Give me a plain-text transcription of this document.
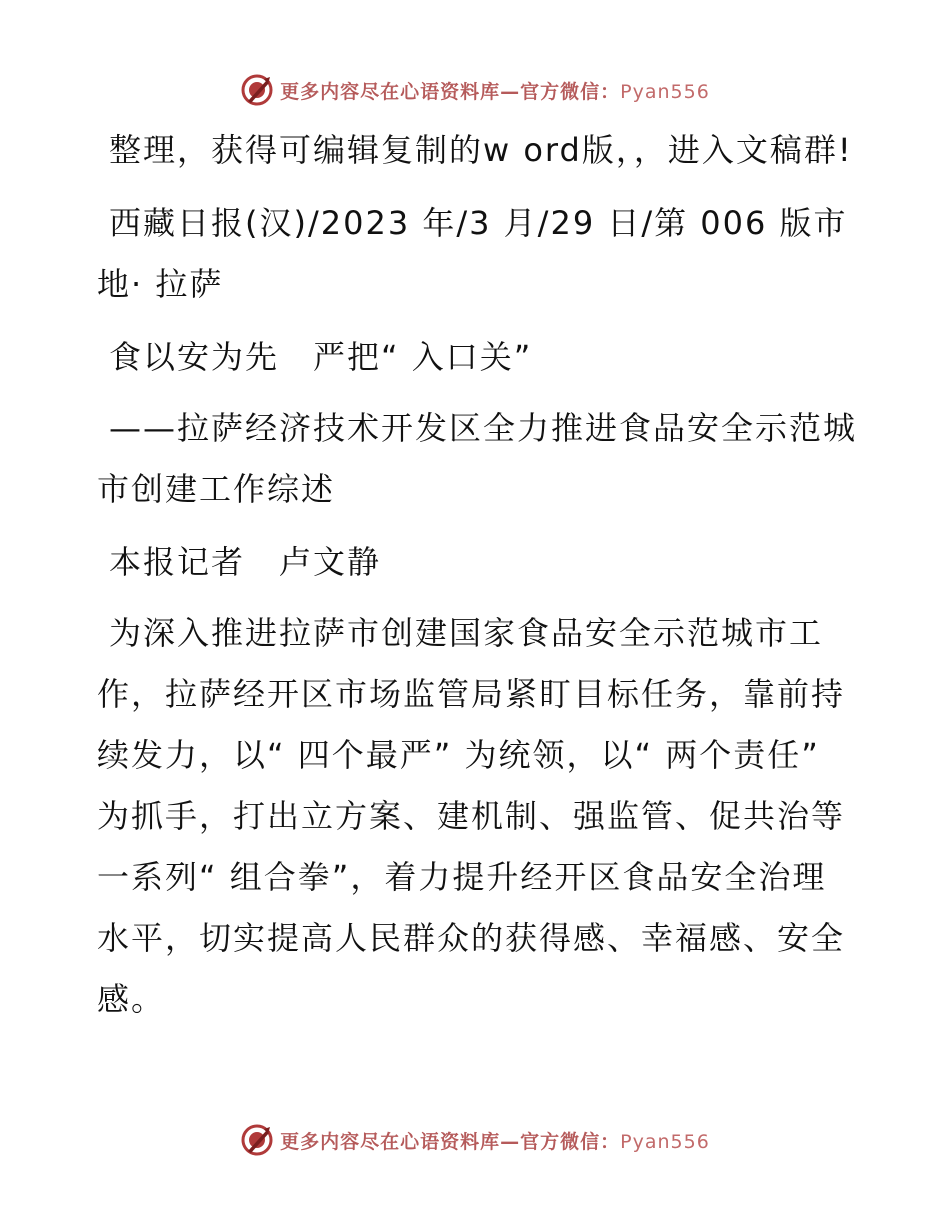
更多内容尽在心语资料库—官方微信：Pyan556

整理，获得可编辑复制的w ord版，，进入文稿群!

西藏日报(汉)/2023 年/3 月/29 日/第 006 版市地· 拉萨

食以安为先　严把“ 入口关”

——拉萨经济技术开发区全力推进食品安全示范城市创建工作综述

本报记者　卢文静

为深入推进拉萨市创建国家食品安全示范城市工作，拉萨经开区市场监管局紧盯目标任务，靠前持续发力，以“ 四个最严” 为统领，以“ 两个责任” 为抓手，打出立方案、建机制、强监管、促共治等一系列“ 组合拳”，着力提升经开区食品安全治理水平，切实提高人民群众的获得感、幸福感、安全感。

更多内容尽在心语资料库—官方微信：Pyan556
